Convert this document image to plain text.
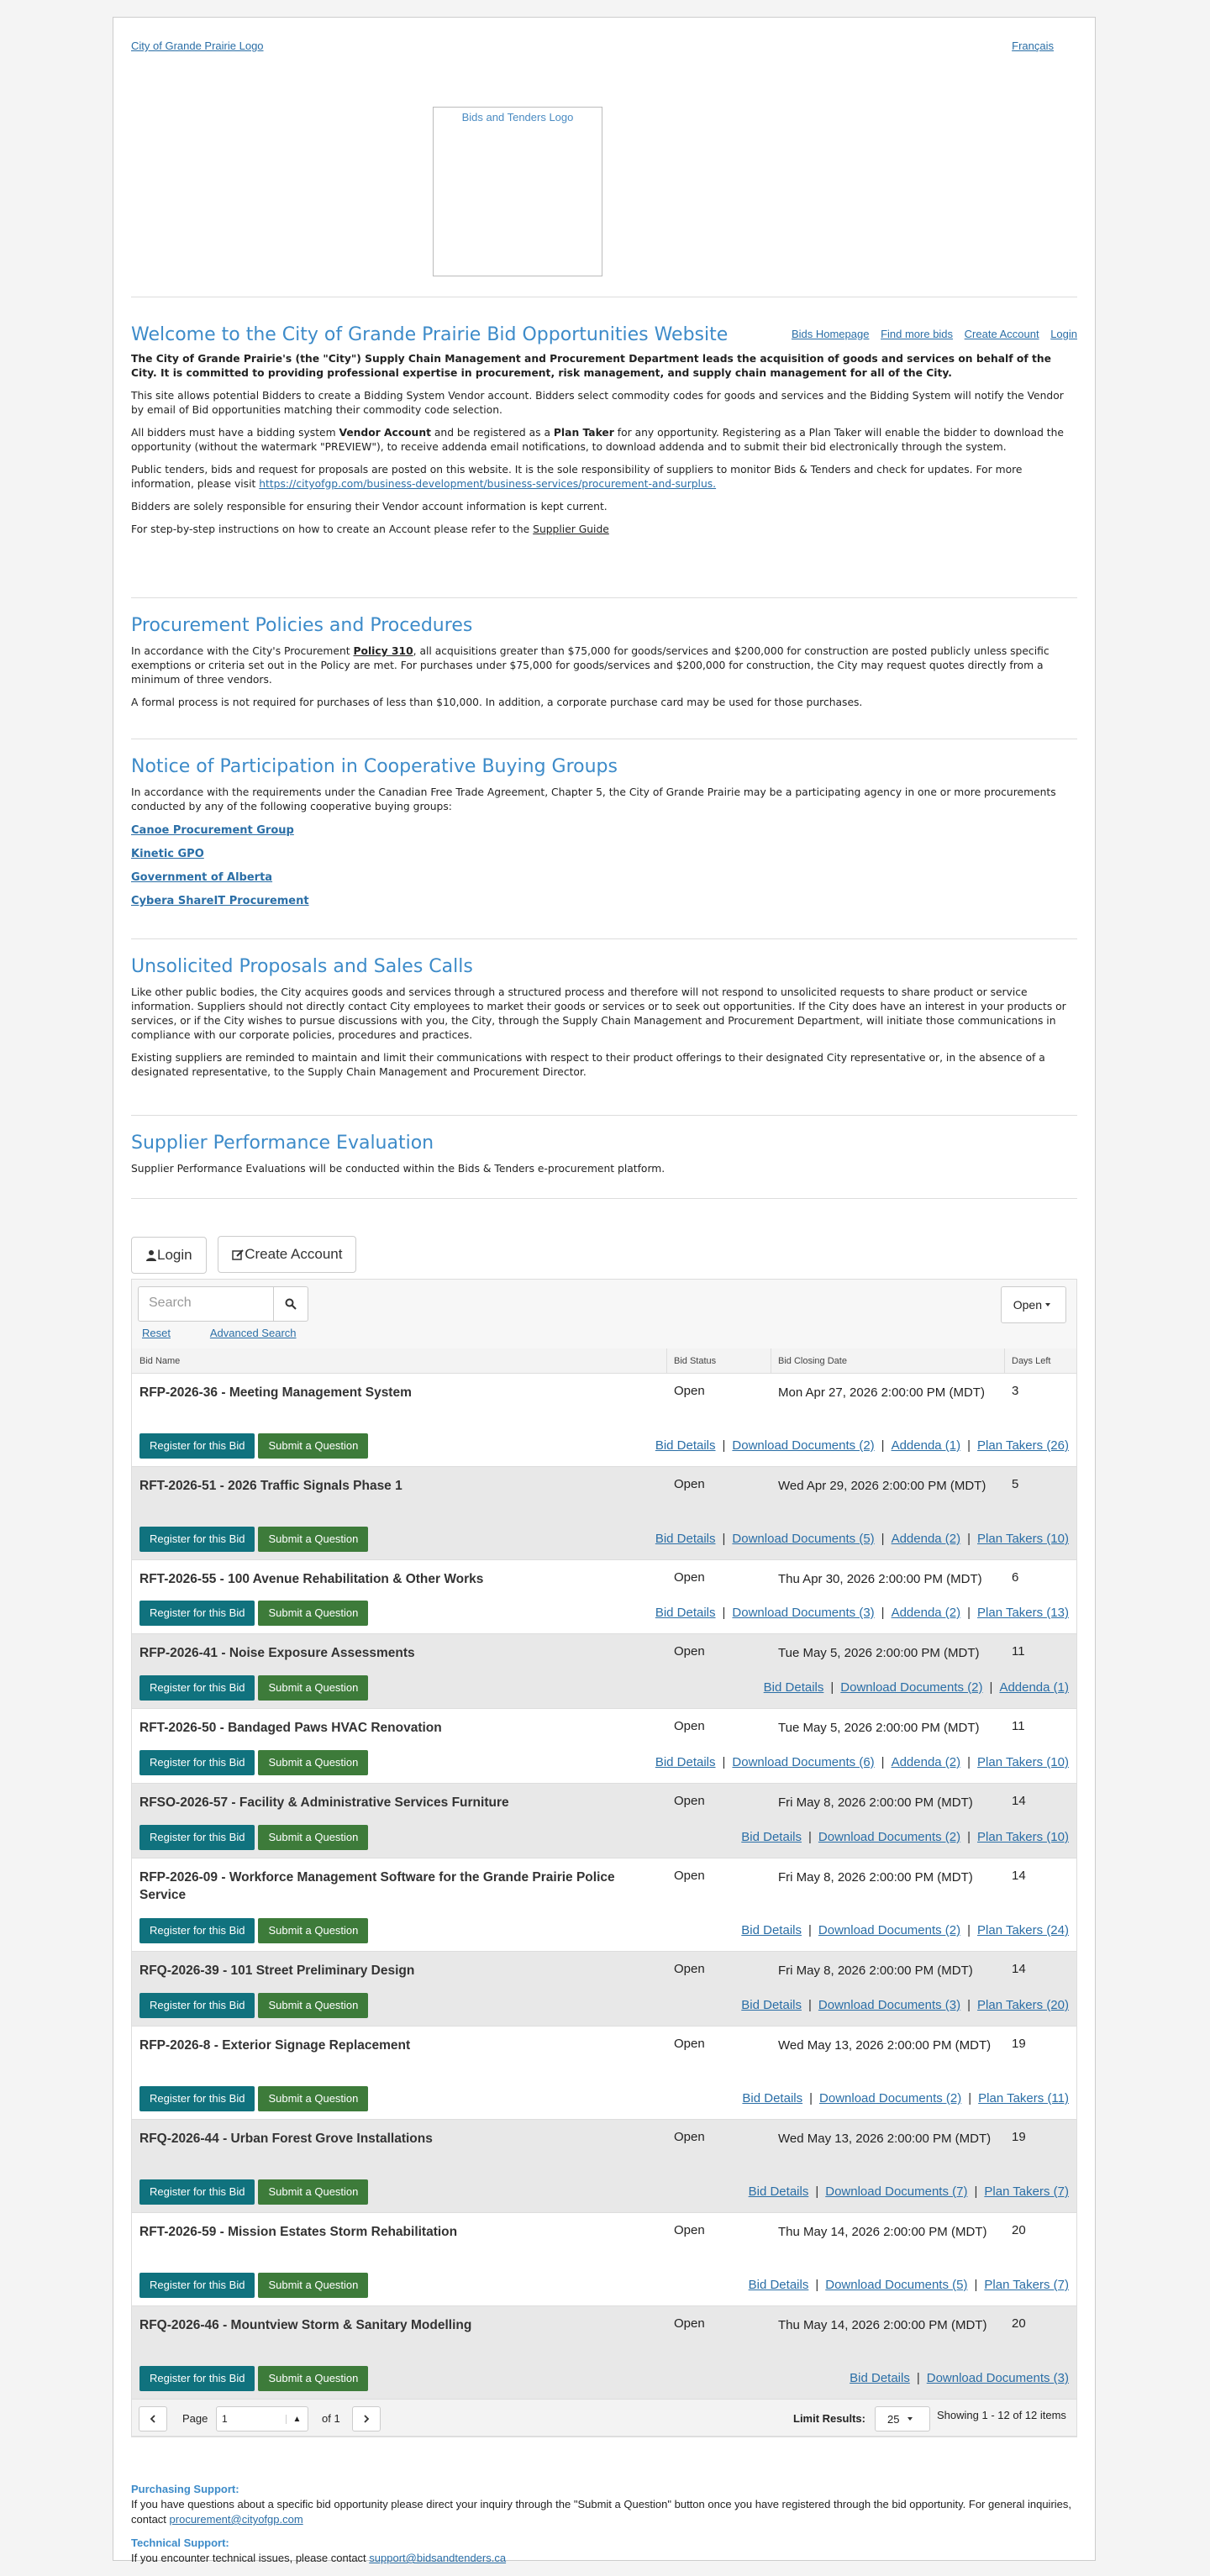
City of Grande Prairie Logo	Français
Bids and Tenders Logo
Welcome to the City of Grande Prairie Bid Opportunities Website	Bids Homepage Find more bids Create Account Login

The City of Grande Prairie's (the "City") Supply Chain Management and Procurement Department leads the acquisition of goods and services on behalf of the City. It is committed to providing professional expertise in procurement, risk management, and supply chain management for all of the City.

This site allows potential Bidders to create a Bidding System Vendor account. Bidders select commodity codes for goods and services and the Bidding System will notify the Vendor by email of Bid opportunities matching their commodity code selection.

All bidders must have a bidding system Vendor Account and be registered as a Plan Taker for any opportunity. Registering as a Plan Taker will enable the bidder to download the opportunity (without the watermark "PREVIEW"), to receive addenda email notifications, to download addenda and to submit their bid electronically through the system.

Public tenders, bids and request for proposals are posted on this website. It is the sole responsibility of suppliers to monitor Bids & Tenders and check for updates. For more information, please visit https://cityofgp.com/business-development/business-services/procurement-and-surplus.

Bidders are solely responsible for ensuring their Vendor account information is kept current.

For step-by-step instructions on how to create an Account please refer to the Supplier Guide

Procurement Policies and Procedures

In accordance with the City's Procurement Policy 310, all acquisitions greater than $75,000 for goods/services and $200,000 for construction are posted publicly unless specific exemptions or criteria set out in the Policy are met. For purchases under $75,000 for goods/services and $200,000 for construction, the City may request quotes directly from a minimum of three vendors.

A formal process is not required for purchases of less than $10,000. In addition, a corporate purchase card may be used for those purchases.

Notice of Participation in Cooperative Buying Groups

In accordance with the requirements under the Canadian Free Trade Agreement, Chapter 5, the City of Grande Prairie may be a participating agency in one or more procurements conducted by any of the following cooperative buying groups:

Canoe Procurement Group
Kinetic GPO
Government of Alberta
Cybera ShareIT Procurement
Unsolicited Proposals and Sales Calls

Like other public bodies, the City acquires goods and services through a structured process and therefore will not respond to unsolicited requests to share product or service information. Suppliers should not directly contact City employees to market their goods or services or to seek out opportunities. If the City does have an interest in your products or services, or if the City wishes to pursue discussions with you, the City, through the Supply Chain Management and Procurement Department, will initiate those communications in compliance with our corporate policies, procedures and practices.

Existing suppliers are reminded to maintain and limit their communications with respect to their product offerings to their designated City representative or, in the absence of a designated representative, to the Supply Chain Management and Procurement Director.

Supplier Performance Evaluation

Supplier Performance Evaluations will be conducted within the Bids & Tenders e-procurement platform.

Login
	Create Account
Search	Open
Reset	Advanced Search
Bid Name	Bid Status	Bid Closing Date	Days Left
RFP-2026-36 - Meeting Management System	Open	Mon Apr 27, 2026 2:00:00 PM (MDT)	3
Register for this Bid Submit a Question	Bid Details | Download Documents (2) | Addenda (1) | Plan Takers (26)
RFT-2026-51 - 2026 Traffic Signals Phase 1	Open	Wed Apr 29, 2026 2:00:00 PM (MDT)	5
Register for this Bid Submit a Question	Bid Details | Download Documents (5) | Addenda (2) | Plan Takers (10)
RFT-2026-55 - 100 Avenue Rehabilitation & Other Works	Open	Thu Apr 30, 2026 2:00:00 PM (MDT)	6
Register for this Bid Submit a Question	Bid Details | Download Documents (3) | Addenda (2) | Plan Takers (13)
RFP-2026-41 - Noise Exposure Assessments	Open	Tue May 5, 2026 2:00:00 PM (MDT)	11
Register for this Bid Submit a Question	Bid Details | Download Documents (2) | Addenda (1)
RFT-2026-50 - Bandaged Paws HVAC Renovation	Open	Tue May 5, 2026 2:00:00 PM (MDT)	11
Register for this Bid Submit a Question	Bid Details | Download Documents (6) | Addenda (2) | Plan Takers (10)
RFSO-2026-57 - Facility & Administrative Services Furniture	Open	Fri May 8, 2026 2:00:00 PM (MDT)	14
Register for this Bid Submit a Question	Bid Details | Download Documents (2) | Plan Takers (10)
RFP-2026-09 - Workforce Management Software for the Grande Prairie Police Service
Open	Fri May 8, 2026 2:00:00 PM (MDT)	14
Register for this Bid Submit a Question	Bid Details | Download Documents (2) | Plan Takers (24)
RFQ-2026-39 - 101 Street Preliminary Design	Open	Fri May 8, 2026 2:00:00 PM (MDT)	14
Register for this Bid Submit a Question	Bid Details | Download Documents (3) | Plan Takers (20)
RFP-2026-8 - Exterior Signage Replacement	Open	Wed May 13, 2026 2:00:00 PM (MDT)	19
Register for this Bid Submit a Question	Bid Details | Download Documents (2) | Plan Takers (11)
RFQ-2026-44 - Urban Forest Grove Installations	Open	Wed May 13, 2026 2:00:00 PM (MDT)	19
Register for this Bid Submit a Question	Bid Details | Download Documents (7) | Plan Takers (7)
RFT-2026-59 - Mission Estates Storm Rehabilitation	Open	Thu May 14, 2026 2:00:00 PM (MDT)	20
Register for this Bid Submit a Question	Bid Details | Download Documents (5) | Plan Takers (7)
RFQ-2026-46 - Mountview Storm & Sanitary Modelling	Open	Thu May 14, 2026 2:00:00 PM (MDT)	20
Register for this Bid Submit a Question	Bid Details | Download Documents (3)
Page	1	▲	of 1	Limit Results: 25	Showing 1 - 12 of 12 items
Purchasing Support:
If you have questions about a specific bid opportunity please direct your inquiry through the "Submit a Question" button once you have registered through the bid opportunity. For general inquiries, contact procurement@cityofgp.com
Technical Support:
If you encounter technical issues, please contact support@bidsandtenders.ca
